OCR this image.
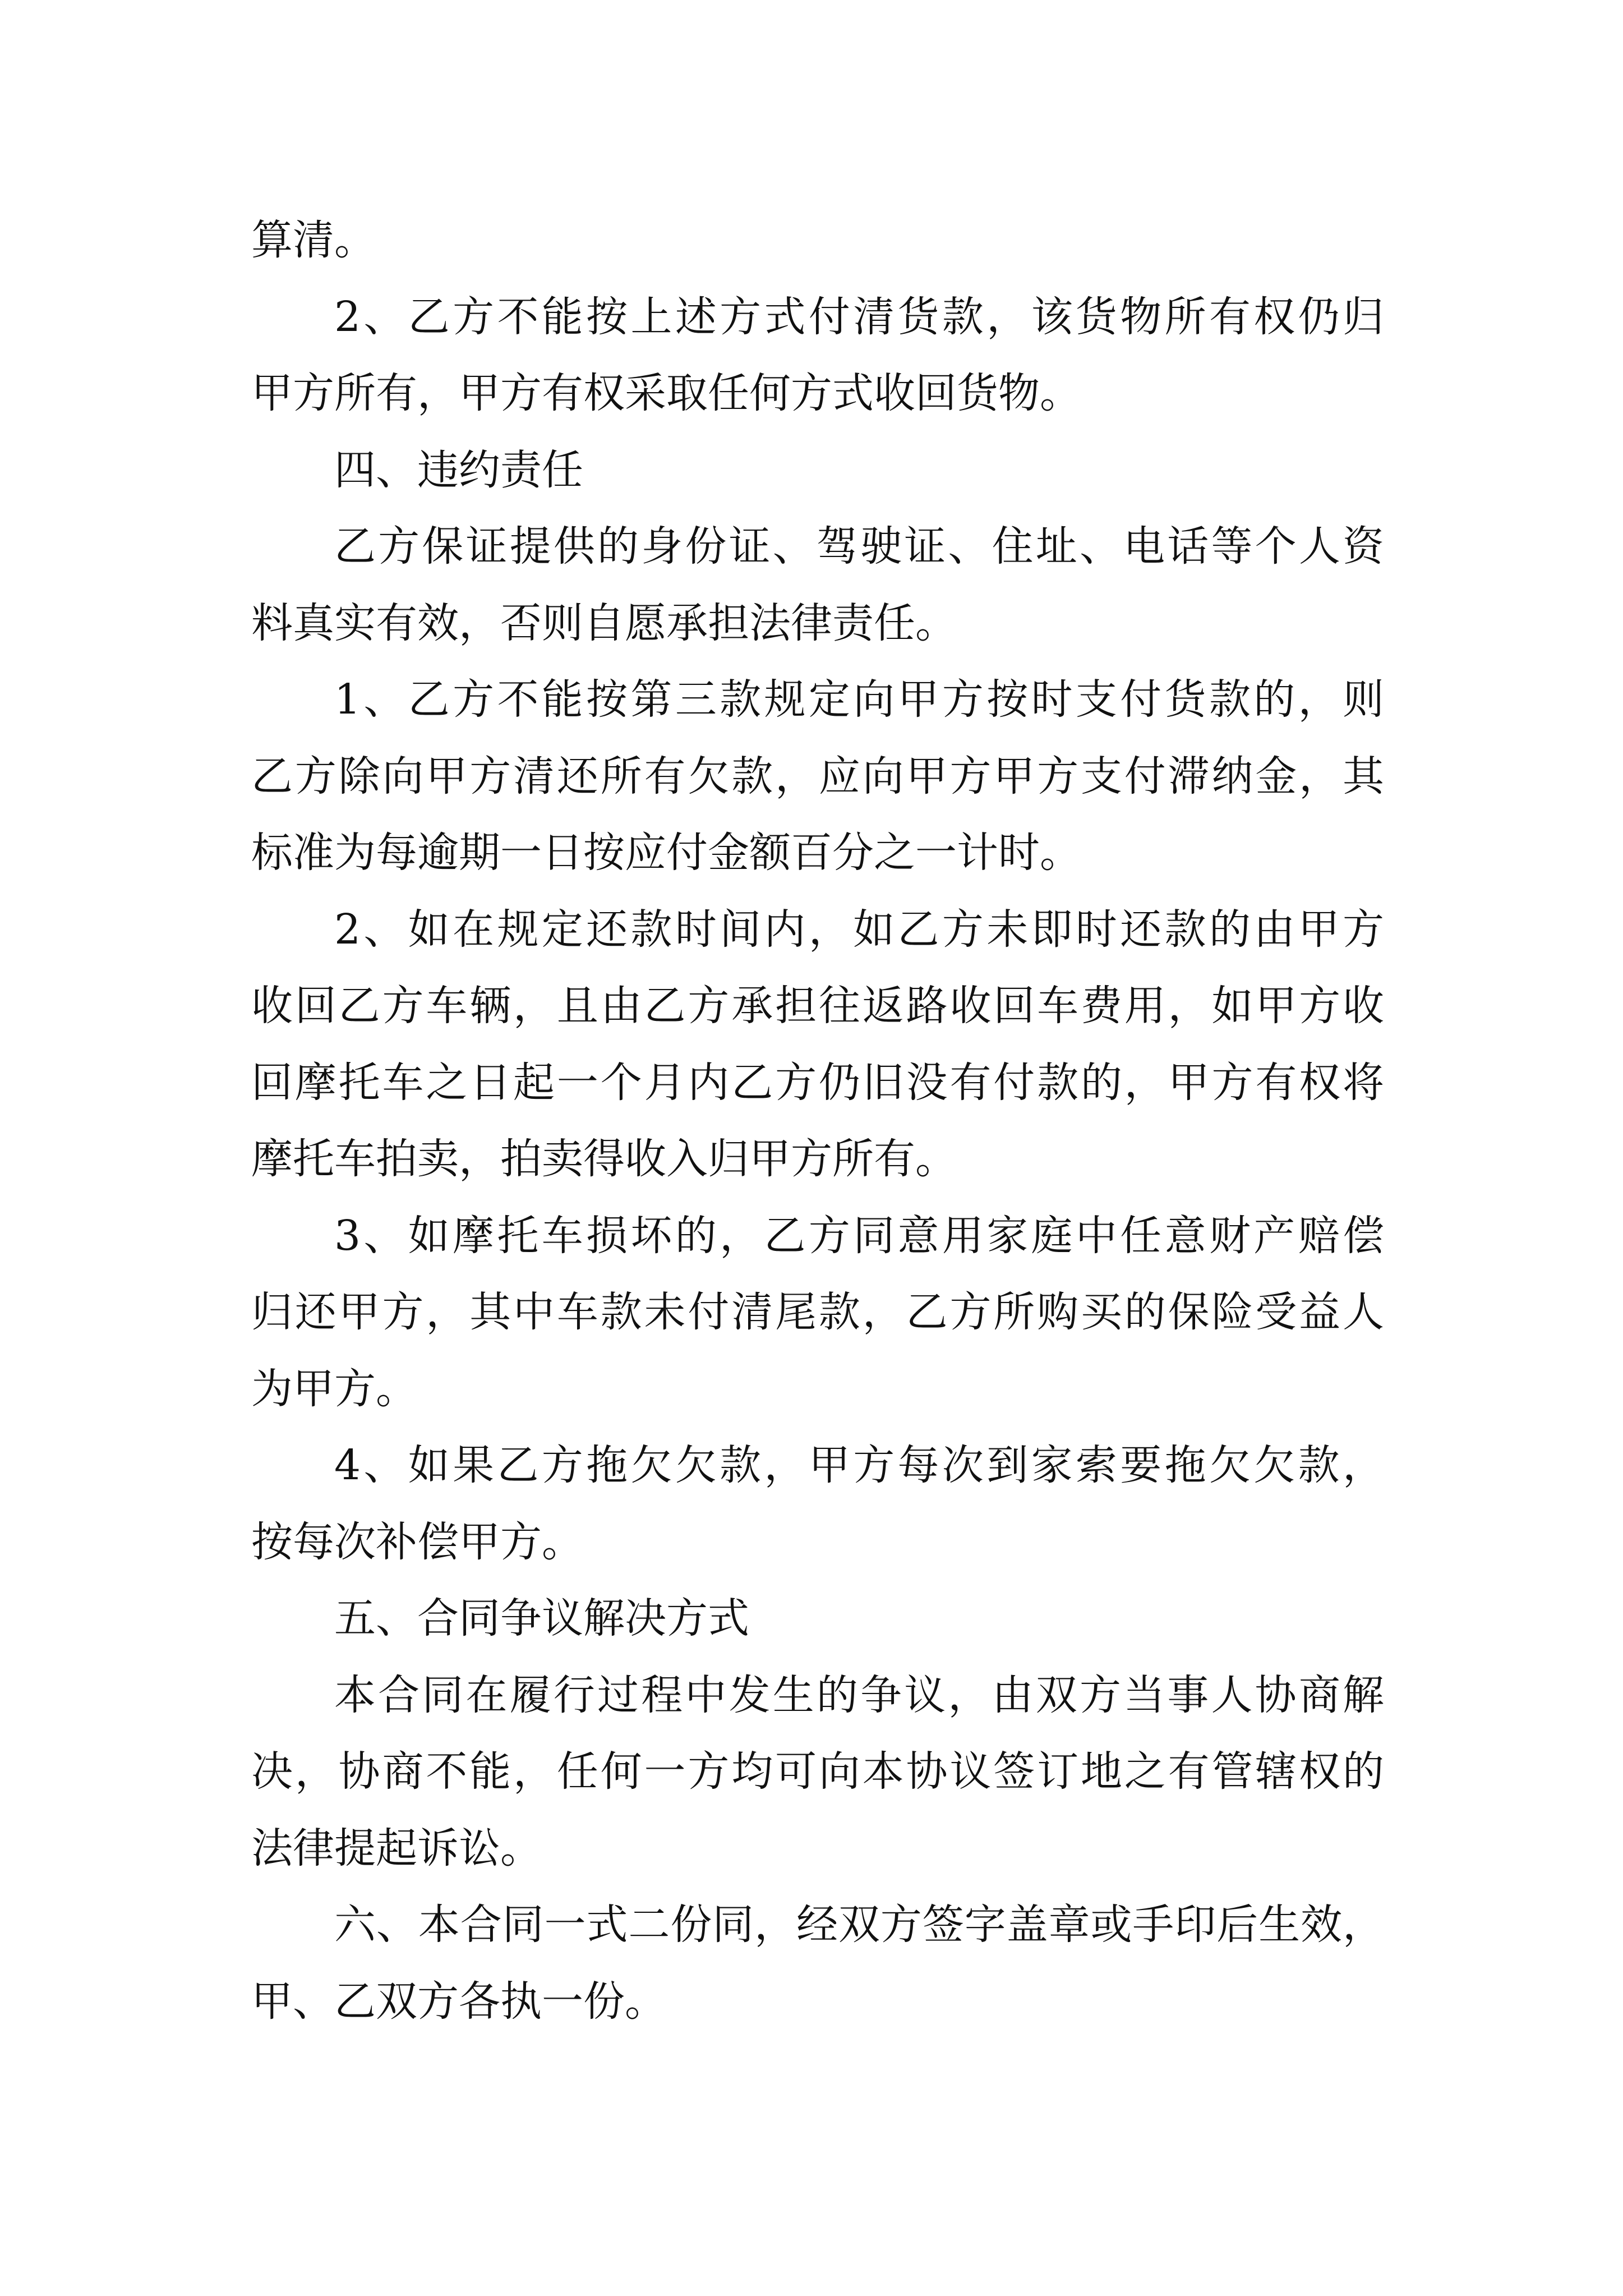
算清。
2、乙方不能按上述方式付清货款，该货物所有权仍归
甲方所有，甲方有权采取任何方式收回货物。
四、违约责任
乙方保证提供的身份证、驾驶证、住址、电话等个人资
料真实有效，否则自愿承担法律责任。
1、乙方不能按第三款规定向甲方按时支付货款的，则
乙方除向甲方清还所有欠款，应向甲方甲方支付滞纳金，其
标准为每逾期一日按应付金额百分之一计时。
2、如在规定还款时间内，如乙方未即时还款的由甲方
收回乙方车辆，且由乙方承担往返路收回车费用，如甲方收
回摩托车之日起一个月内乙方仍旧没有付款的，甲方有权将
摩托车拍卖，拍卖得收入归甲方所有。
3、如摩托车损坏的，乙方同意用家庭中任意财产赔偿
归还甲方，其中车款未付清尾款，乙方所购买的保险受益人
为甲方。
4、如果乙方拖欠欠款，甲方每次到家索要拖欠欠款，
按每次补偿甲方。
五、合同争议解决方式
本合同在履行过程中发生的争议，由双方当事人协商解
决，协商不能，任何一方均可向本协议签订地之有管辖权的
法律提起诉讼。
六、本合同一式二份同，经双方签字盖章或手印后生效，
甲、乙双方各执一份。
